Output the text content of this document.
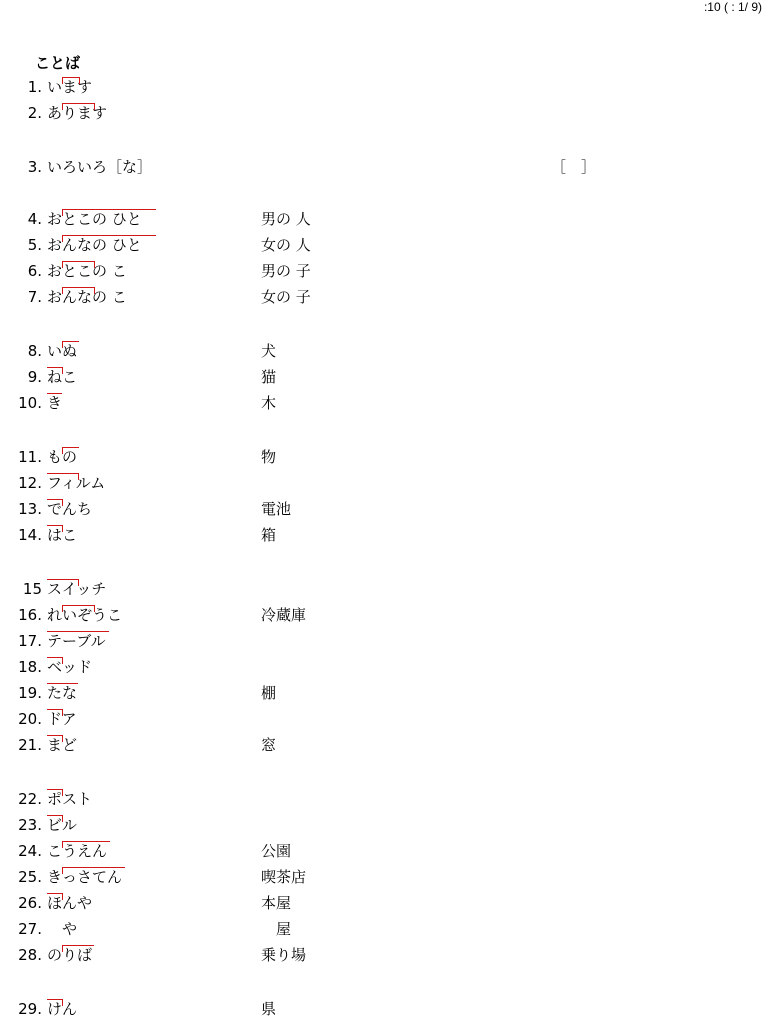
:10 ( : 1/ 9)
ことば
1. います
2. あります
3. いろいろ［な］	［　］
4. おとこの ひと	男の 人
5. おんなの ひと	女の 人
6. おとこの こ	男の 子
7. おんなの こ	女の 子
8. いぬ	犬
9. ねこ	猫
10. き	木
11. もの	物
12. フィルム
13. でんち	電池
14. はこ	箱
15 スイッチ
16. れいぞうこ	冷蔵庫
17. テーブル
18. ベッド
19. たな	棚
20. ドア
21. まど	窓
22. ポスト
23. ビル
24. こうえん	公園
25. きっさてん	喫茶店
26. ほんや	本屋
27. 　や	　屋
28. のりば	乗り場
29. けん	県
